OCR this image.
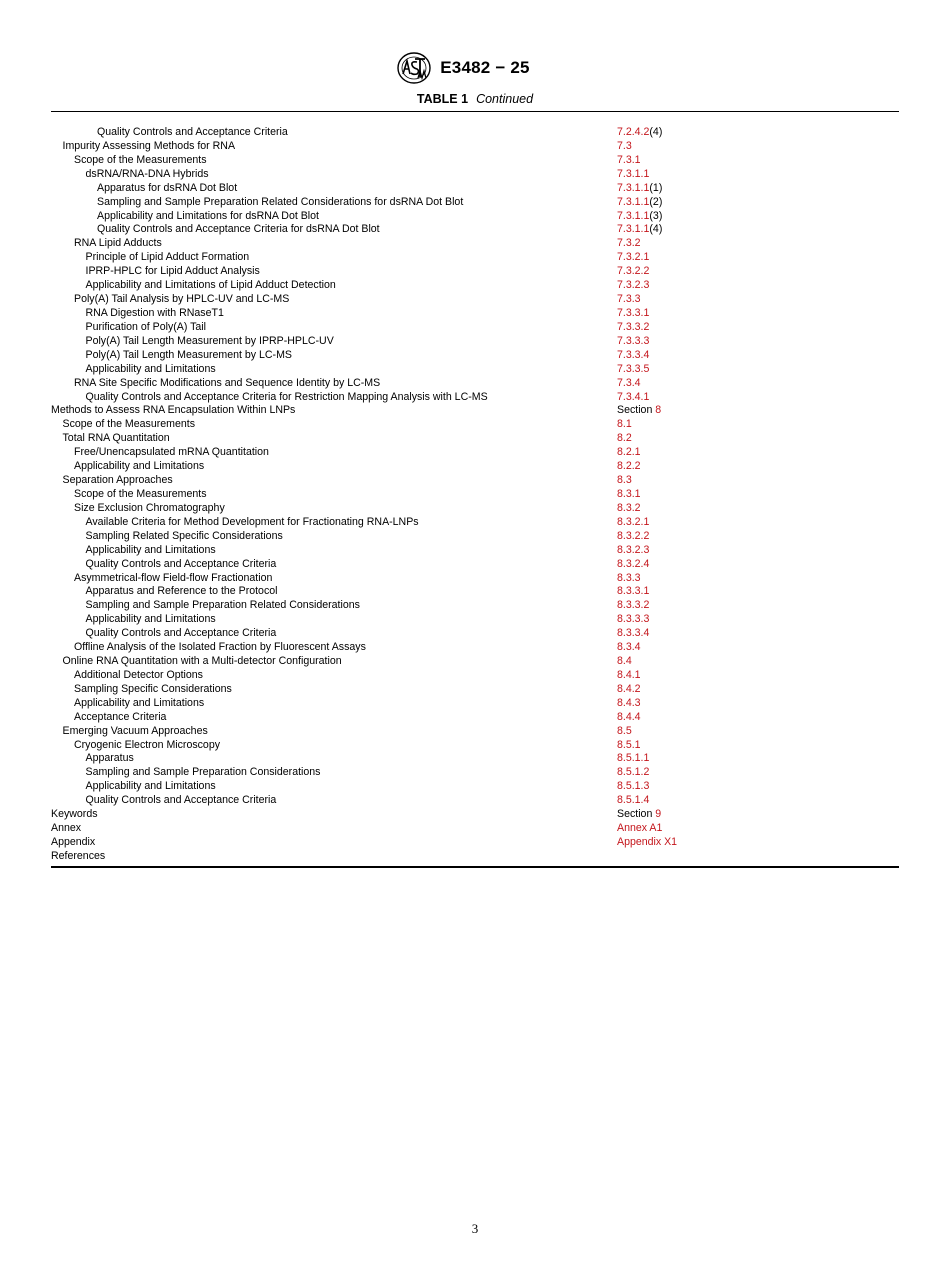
E3482 − 25
TABLE 1 Continued
Quality Controls and Acceptance Criteria	7.2.4.2(4)
Impurity Assessing Methods for RNA	7.3
Scope of the Measurements	7.3.1
dsRNA/RNA-DNA Hybrids	7.3.1.1
Apparatus for dsRNA Dot Blot	7.3.1.1(1)
Sampling and Sample Preparation Related Considerations for dsRNA Dot Blot	7.3.1.1(2)
Applicability and Limitations for dsRNA Dot Blot	7.3.1.1(3)
Quality Controls and Acceptance Criteria for dsRNA Dot Blot	7.3.1.1(4)
RNA Lipid Adducts	7.3.2
Principle of Lipid Adduct Formation	7.3.2.1
IPRP-HPLC for Lipid Adduct Analysis	7.3.2.2
Applicability and Limitations of Lipid Adduct Detection	7.3.2.3
Poly(A) Tail Analysis by HPLC-UV and LC-MS	7.3.3
RNA Digestion with RNaseT1	7.3.3.1
Purification of Poly(A) Tail	7.3.3.2
Poly(A) Tail Length Measurement by IPRP-HPLC-UV	7.3.3.3
Poly(A) Tail Length Measurement by LC-MS	7.3.3.4
Applicability and Limitations	7.3.3.5
RNA Site Specific Modifications and Sequence Identity by LC-MS	7.3.4
Quality Controls and Acceptance Criteria for Restriction Mapping Analysis with LC-MS	7.3.4.1
Methods to Assess RNA Encapsulation Within LNPs	Section 8
Scope of the Measurements	8.1
Total RNA Quantitation	8.2
Free/Unencapsulated mRNA Quantitation	8.2.1
Applicability and Limitations	8.2.2
Separation Approaches	8.3
Scope of the Measurements	8.3.1
Size Exclusion Chromatography	8.3.2
Available Criteria for Method Development for Fractionating RNA-LNPs	8.3.2.1
Sampling Related Specific Considerations	8.3.2.2
Applicability and Limitations	8.3.2.3
Quality Controls and Acceptance Criteria	8.3.2.4
Asymmetrical-flow Field-flow Fractionation	8.3.3
Apparatus and Reference to the Protocol	8.3.3.1
Sampling and Sample Preparation Related Considerations	8.3.3.2
Applicability and Limitations	8.3.3.3
Quality Controls and Acceptance Criteria	8.3.3.4
Offline Analysis of the Isolated Fraction by Fluorescent Assays	8.3.4
Online RNA Quantitation with a Multi-detector Configuration	8.4
Additional Detector Options	8.4.1
Sampling Specific Considerations	8.4.2
Applicability and Limitations	8.4.3
Acceptance Criteria	8.4.4
Emerging Vacuum Approaches	8.5
Cryogenic Electron Microscopy	8.5.1
Apparatus	8.5.1.1
Sampling and Sample Preparation Considerations	8.5.1.2
Applicability and Limitations	8.5.1.3
Quality Controls and Acceptance Criteria	8.5.1.4
Keywords	Section 9
Annex	Annex A1
Appendix	Appendix X1
References
3
